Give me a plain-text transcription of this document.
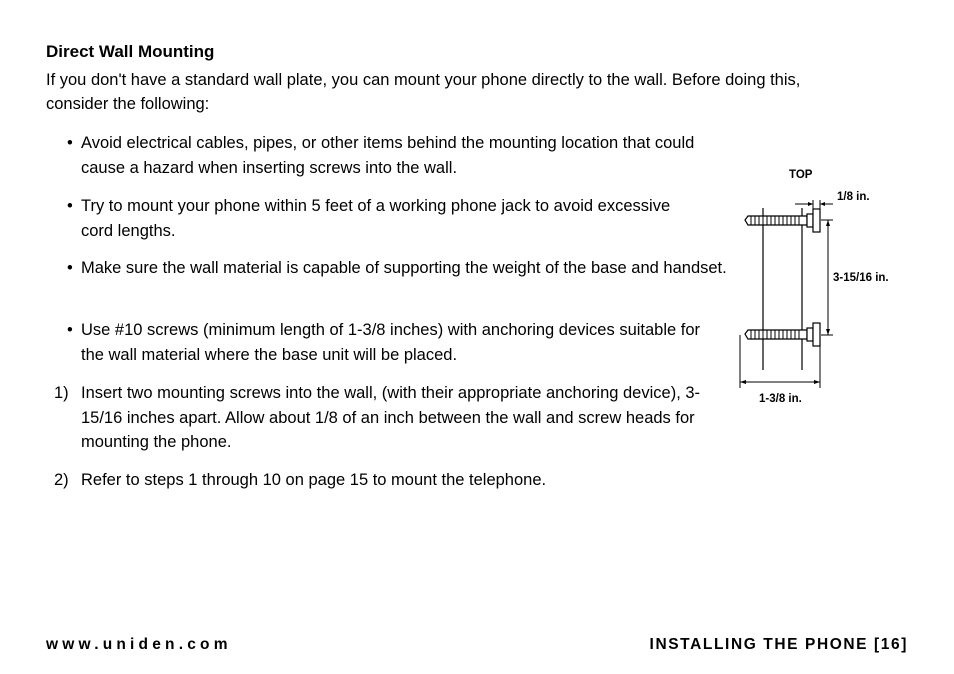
Direct Wall Mounting
If you don't have a standard wall plate, you can mount your phone directly to the wall. Before doing this, consider the following:
• Avoid electrical cables, pipes, or other items behind the mounting location that could cause a hazard when inserting screws into the wall.
• Try to mount your phone within 5 feet of a working phone jack to avoid excessive cord lengths.
• Make sure the wall material is capable of supporting the weight of the base and handset.
• Use #10 screws (minimum length of 1-3/8 inches) with anchoring devices suitable for the wall material where the base unit will be placed.
1) Insert two mounting screws into the wall, (with their appropriate anchoring device), 3-15/16 inches apart. Allow about 1/8 of an inch between the wall and screw heads for mounting the phone.
2) Refer to steps 1 through 10 on page 15 to mount the telephone.
TOP
1/8 in.
3-15/16 in.
1-3/8 in.
www.uniden.com	INSTALLING THE PHONE [16]
